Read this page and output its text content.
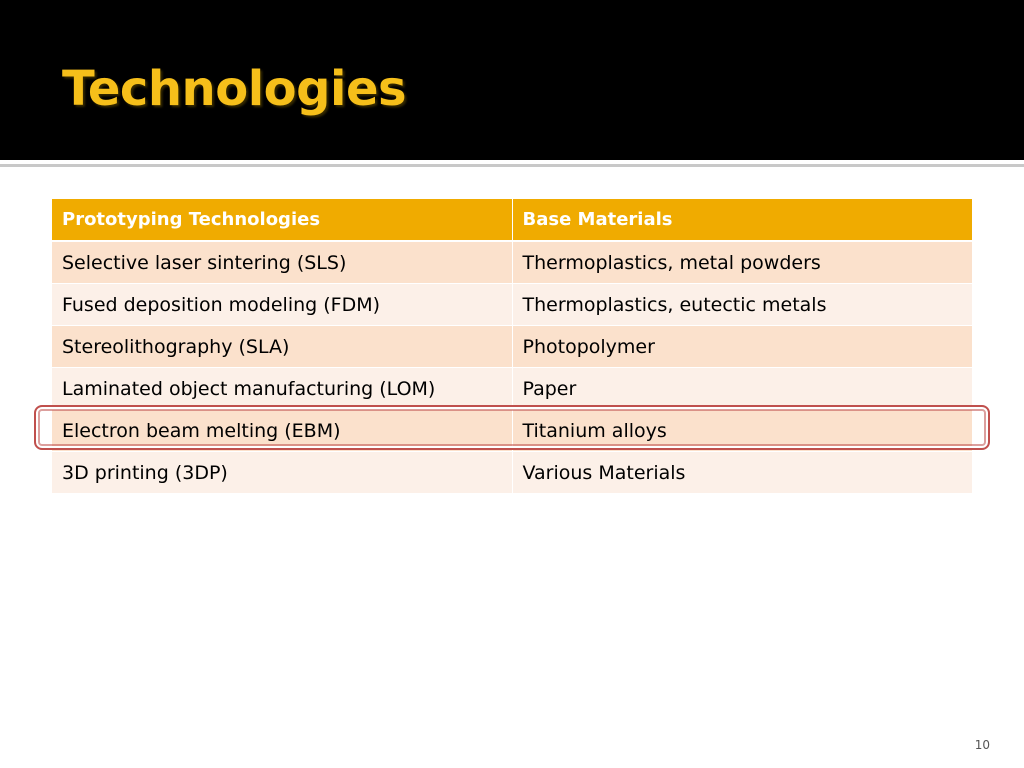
Technologies
Prototyping Technologies	Base Materials
Selective laser sintering (SLS)	Thermoplastics, metal powders
Fused deposition modeling (FDM)	Thermoplastics, eutectic metals
Stereolithography (SLA)	Photopolymer
Laminated object manufacturing (LOM)	Paper
Electron beam melting (EBM)	Titanium alloys
3D printing (3DP)	Various Materials
10
